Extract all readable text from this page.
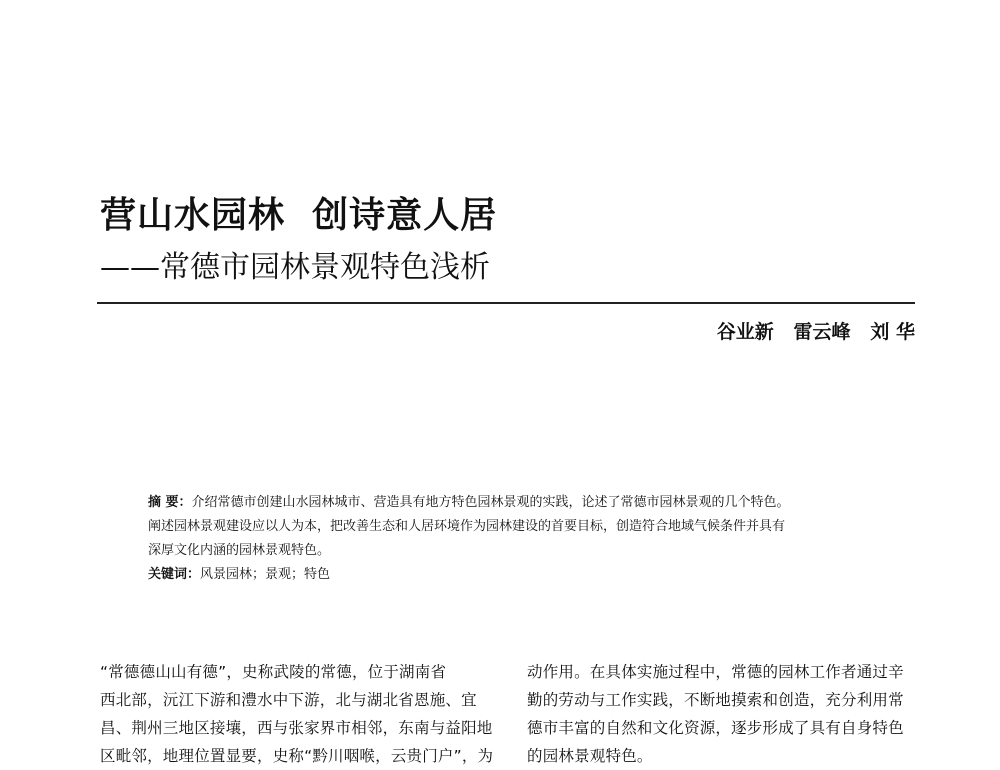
营山水园林  创诗意人居
——常德市园林景观特色浅析
谷业新   雷云峰   刘 华

摘 要：介绍常德市创建山水园林城市、营造具有地方特色园林景观的实践，论述了常德市园林景观的几个特色。

阐述园林景观建设应以人为本，把改善生态和人居环境作为园林建设的首要目标，创造符合地域气候条件并具有

深厚文化内涵的园林景观特色。

关键词：风景园林；景观；特色

“常德德山山有德”，史称武陵的常德，位于湖南省

西北部，沅江下游和澧水中下游，北与湖北省恩施、宜

昌、荆州三地区接壤，西与张家界市相邻，东南与益阳地

区毗邻，地理位置显要，史称“黔川咽喉，云贵门户”，为

动作用。在具体实施过程中，常德的园林工作者通过辛

勤的劳动与工作实践，不断地摸索和创造，充分利用常

德市丰富的自然和文化资源，逐步形成了具有自身特色

的园林景观特色。
